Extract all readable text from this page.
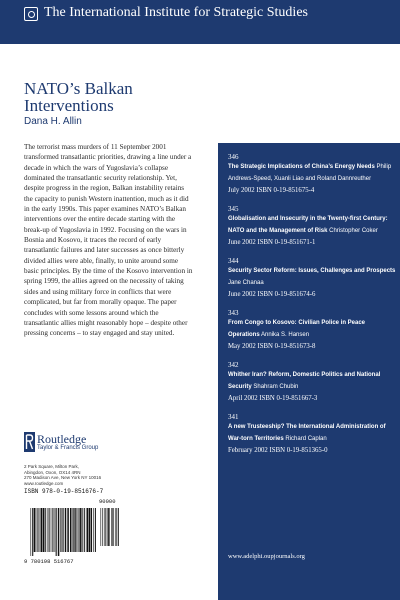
The International Institute for Strategic Studies
NATO’s Balkan Interventions
Dana H. Allin
The terrorist mass murders of 11 September 2001 transformed transatlantic priorities, drawing a line under a decade in which the wars of Yugoslavia’s collapse dominated the transatlantic security relationship. Yet, despite progress in the region, Balkan instability retains the capacity to punish Western inattention, much as it did in the early 1990s. This paper examines NATO’s Balkan interventions over the entire decade starting with the break-up of Yugoslavia in 1992. Focusing on the wars in Bosnia and Kosovo, it traces the record of early transatlantic failures and later successes as once bitterly divided allies were able, finally, to unite around some basic principles. By the time of the Kosovo intervention in spring 1999, the allies agreed on the necessity of taking sides and using military force in conflicts that were complicated, but far from morally opaque. The paper concludes with some lessons around which the transatlantic allies might reasonably hope – despite other pressing concerns – to stay engaged and stay united.
Routledge
Taylor & Francis Group
2 Park Square, Milton Park,
Abingdon, Oxon, OX14 4RN
270 Madison Ave, New York NY 10016
www.routledge.com
ISBN 978-0-19-851676-7
90000
9 780198 516767
346
The Strategic Implications of China’s Energy Needs Philip Andrews-Speed, Xuanli Liao and Roland Dannreuther
July 2002 ISBN 0-19-851675-4
345
Globalisation and Insecurity in the Twenty-first Century: NATO and the Management of Risk Christopher Coker
June 2002 ISBN 0-19-851671-1
344
Security Sector Reform: Issues, Challenges and Prospects Jane Chanaa
June 2002 ISBN 0-19-851674-6
343
From Congo to Kosovo: Civilian Police in Peace Operations Annika S. Hansen
May 2002 ISBN 0-19-851673-8
342
Whither Iran? Reform, Domestic Politics and National Security Shahram Chubin
April 2002 ISBN 0-19-851667-3
341
A new Trusteeship? The International Administration of War-torn Territories Richard Caplan
February 2002 ISBN 0-19-851365-0
www.adelphi.oupjournals.org
